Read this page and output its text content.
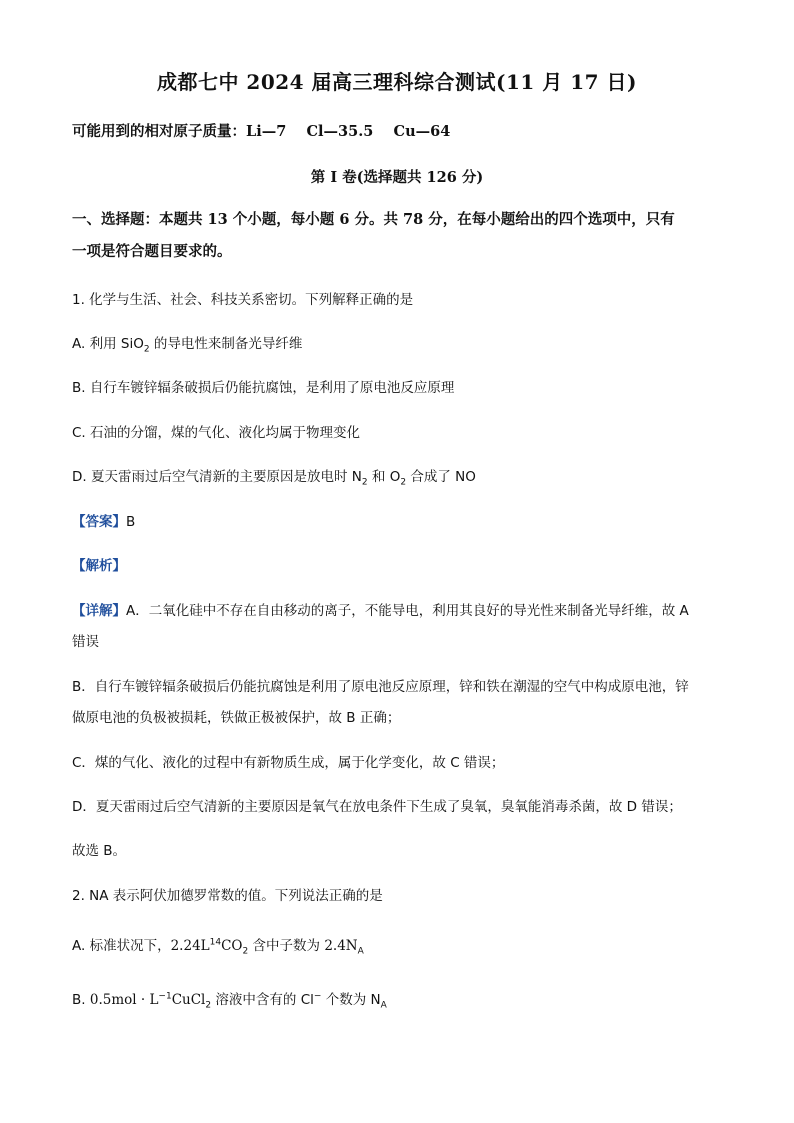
成都七中 2024 届高三理科综合测试(11 月 17 日)
可能用到的相对原子质量：Li—7    Cl—35.5    Cu—64
第 I 卷(选择题共 126 分)
一、选择题：本题共 13 个小题，每小题 6 分。共 78 分，在每小题给出的四个选项中，只有
一项是符合题目要求的。
1. 化学与生活、社会、科技关系密切。下列解释正确的是
A. 利用 SiO$_2$ 的导电性来制备光导纤维
B. 自行车镀锌辐条破损后仍能抗腐蚀，是利用了原电池反应原理
C. 石油的分馏，煤的气化、液化均属于物理变化
D. 夏天雷雨过后空气清新的主要原因是放电时 $N_2$ 和 $O_2$ 合成了 NO
【答案】B
【解析】
【详解】A．二氧化硅中不存在自由移动的离子，不能导电，利用其良好的导光性来制备光导纤维，故 A
错误
B．自行车镀锌辐条破损后仍能抗腐蚀是利用了原电池反应原理，锌和铁在潮湿的空气中构成原电池，锌
做原电池的负极被损耗，铁做正极被保护，故 B 正确；
C．煤的气化、液化的过程中有新物质生成，属于化学变化，故 C 错误；
D．夏天雷雨过后空气清新的主要原因是氧气在放电条件下生成了臭氧，臭氧能消毒杀菌，故 D 错误；
故选 B。
2. NA 表示阿伏加德罗常数的值。下列说法正确的是
A. 标准状况下，$2.24L^{14}CO_2$ 含中子数为 $2.4N_A$
B. $0.5mol \cdot L^{-1}CuCl_2$ 溶液中含有的 Cl− 个数为 $N_A$
